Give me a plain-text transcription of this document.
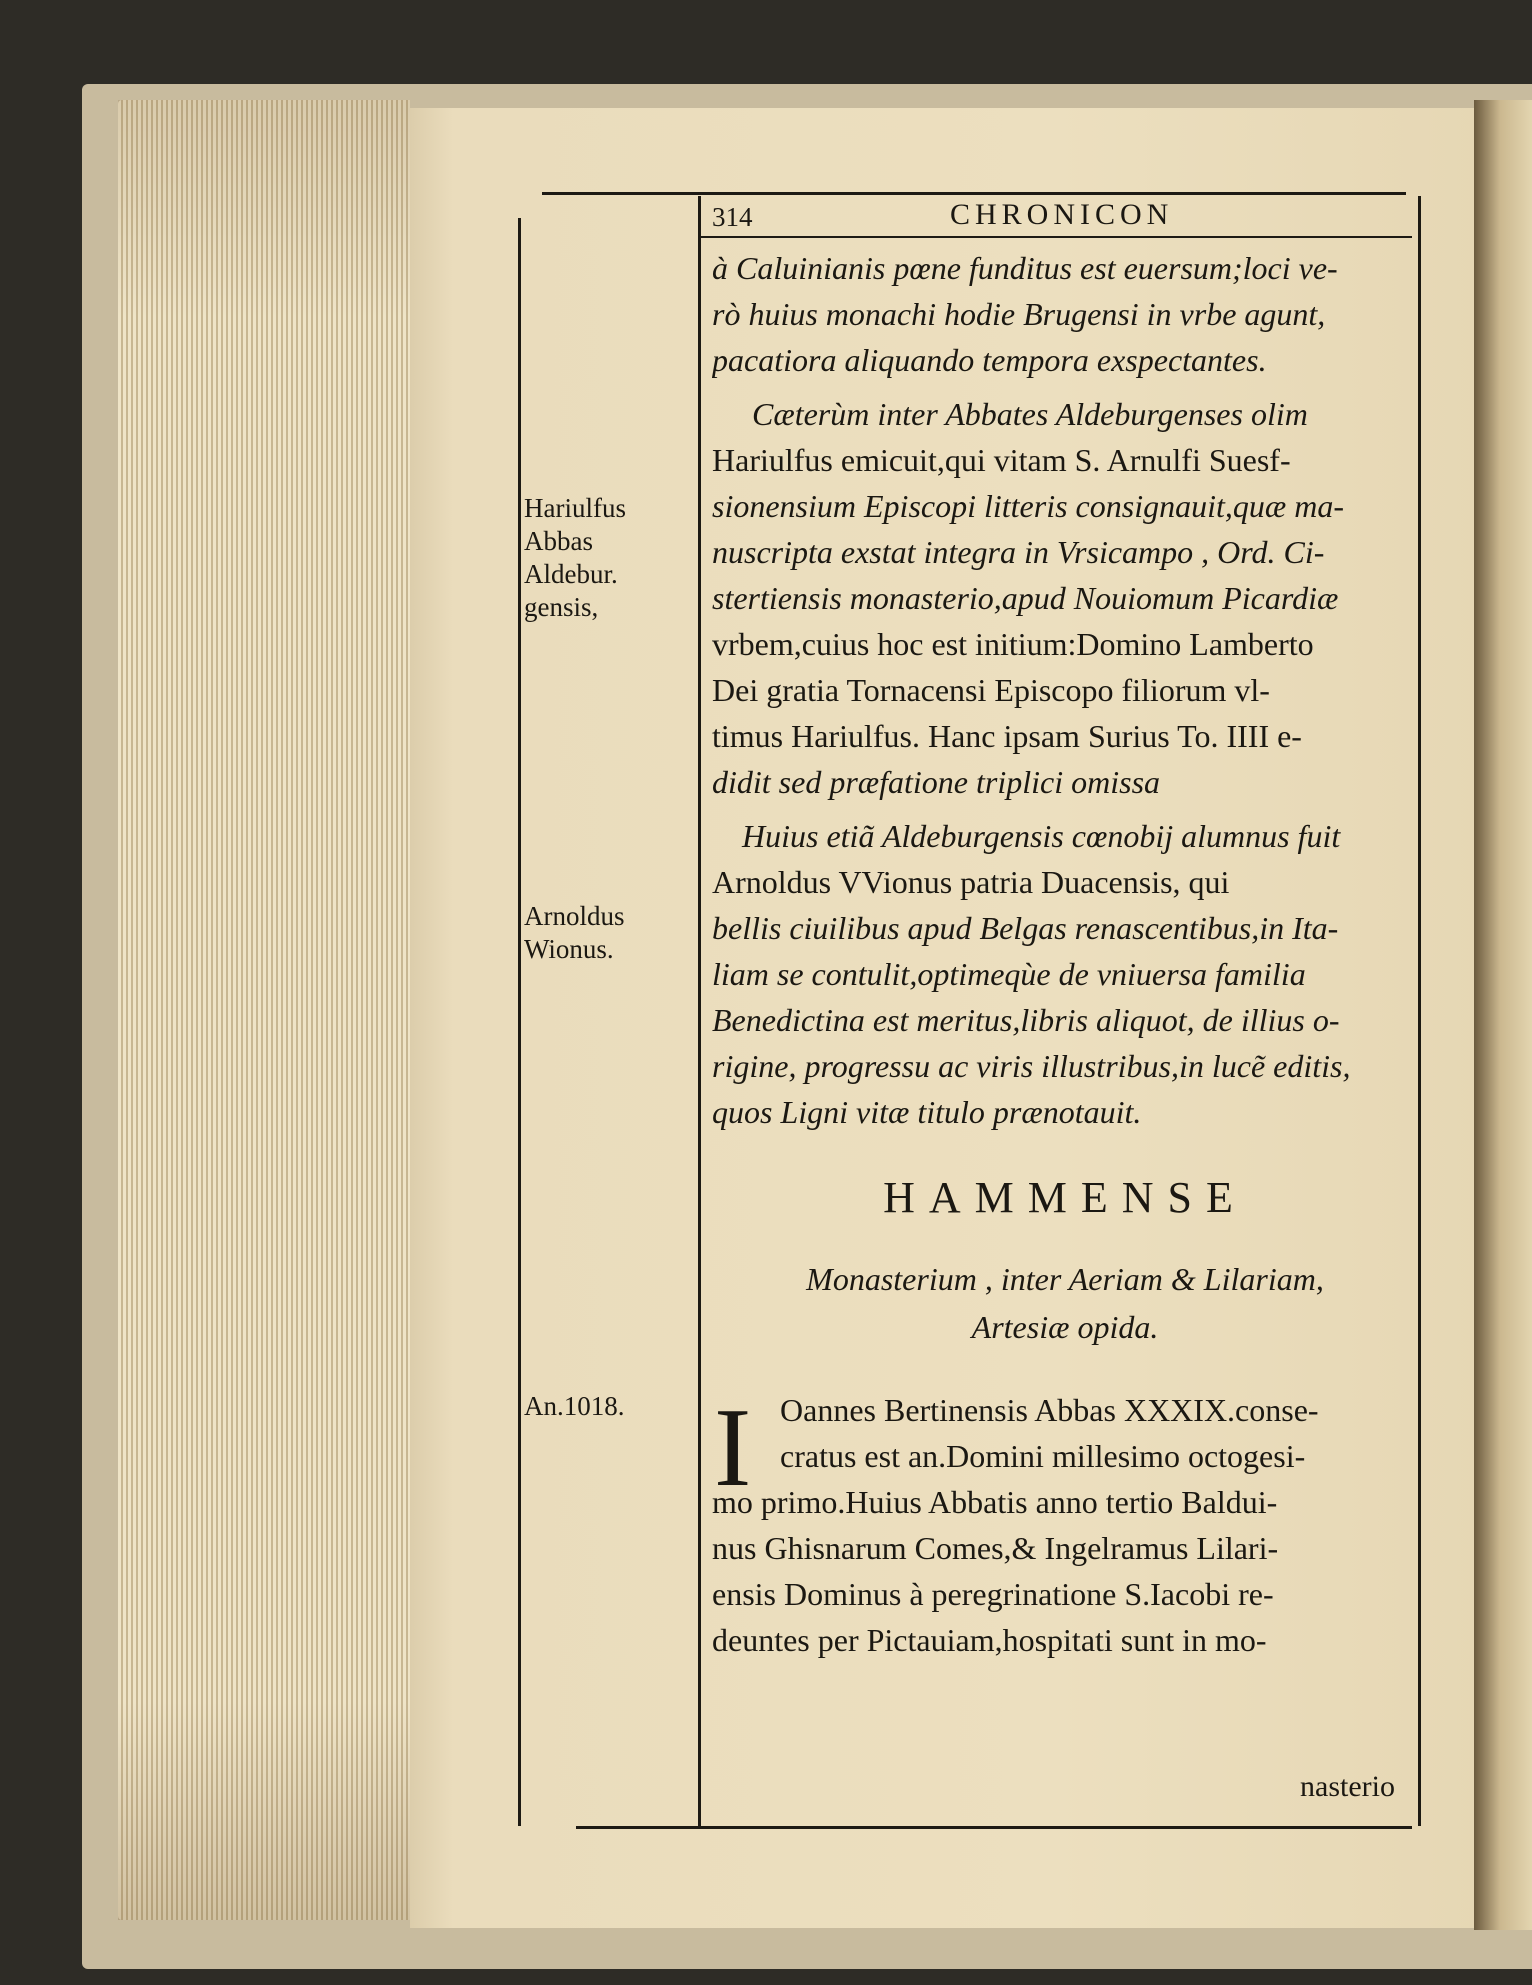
314	CHRONICON
à Caluinianis pœne funditus est euersum;loci ve-
rò huius monachi hodie Brugensi in vrbe agunt,
pacatiora aliquando tempora exspectantes.
Cæterùm inter Abbates Aldeburgenses olim
Hariulfus emicuit,qui vitam S. Arnulfi Suesf-
sionensium Episcopi litteris consignauit,quæ ma-
nuscripta exstat integra in Vrsicampo , Ord. Ci-
stertiensis monasterio,apud Nouiomum Picardiæ
vrbem,cuius hoc est initium:Domino Lamberto
Dei gratia Tornacensi Episcopo filiorum vl-
timus Hariulfus. Hanc ipsam Surius To. IIII e-
didit sed præfatione triplici omissa
Huius etiã Aldeburgensis cœnobij alumnus fuit
Arnoldus VVionus patria Duacensis, qui
bellis ciuilibus apud Belgas renascentibus,in Ita-
liam se contulit,optimeqùe de vniuersa familia
Benedictina est meritus,libris aliquot, de illius o-
rigine, progressu ac viris illustribus,in lucẽ editis,
quos Ligni vitæ titulo prænotauit.
HAMMENSE
Monasterium , inter Aeriam & Lilariam,
Artesiæ opida.
I Oannes Bertinensis Abbas XXXIX.conse-
cratus est an.Domini millesimo octogesi-
mo primo.Huius Abbatis anno tertio Baldui-
nus Ghisnarum Comes,& Ingelramus Lilari-
ensis Dominus à peregrinatione S.Iacobi re-
deuntes per Pictauiam,hospitati sunt in mo-
nasterio
Hariulfus
Abbas
Aldebur.
gensis,
Arnoldus
Wionus.
An.1018.
